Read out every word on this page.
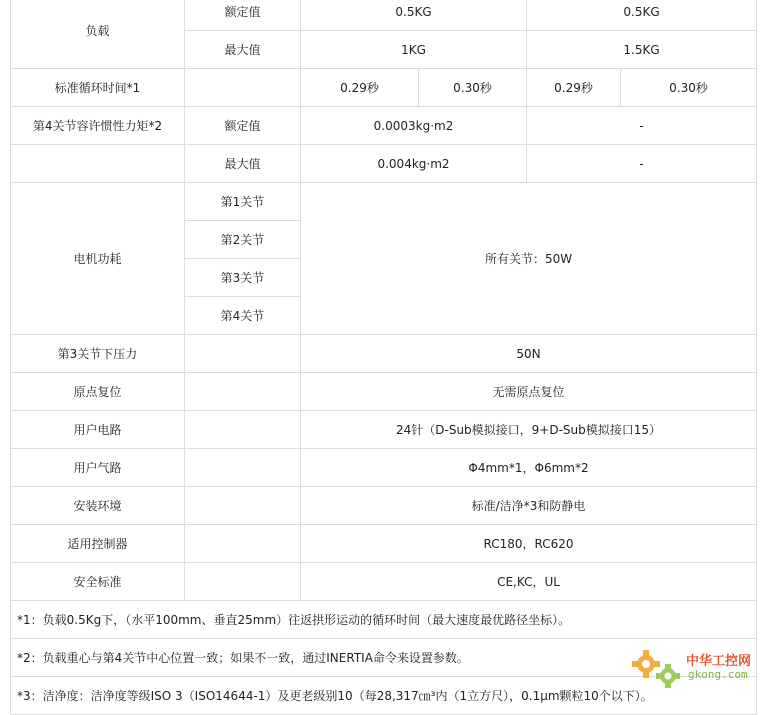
负载	额定值	0.5KG		0.5KG	
	最大值	1KG		1.5KG	
标准循环时间*1		0.29秒	0.30秒	0.29秒	0.30秒
第4关节容许惯性力矩*2	额定值	0.0003kg·m2		-	
	最大值	0.004kg·m2		-	
电机功耗	第1关节	所有关节：50W			
	第2关节				
	第3关节				
	第4关节				
第3关节下压力		50N			
原点复位		无需原点复位			
用户电路		24针（D-Sub模拟接口，9+D-Sub模拟接口15）			
用户气路		Φ4mm*1，Φ6mm*2			
安装环境		标准/洁净*3和防静电			
适用控制器		RC180，RC620			
安全标准		CE,KC，UL			
*1：负载0.5Kg下，（水平100mm、垂直25mm）往返拱形运动的循环时间（最大速度最优路径坐标）。					
*2：负载重心与第4关节中心位置一致；如果不一致，通过INERTIA命令来设置参数。					
*3：洁净度：洁净度等级ISO 3（ISO14644-1）及更老级别10（每28,317㎝³内（1立方尺），0.1μm颗粒10个以下）。					
中华工控网
gkong.com
